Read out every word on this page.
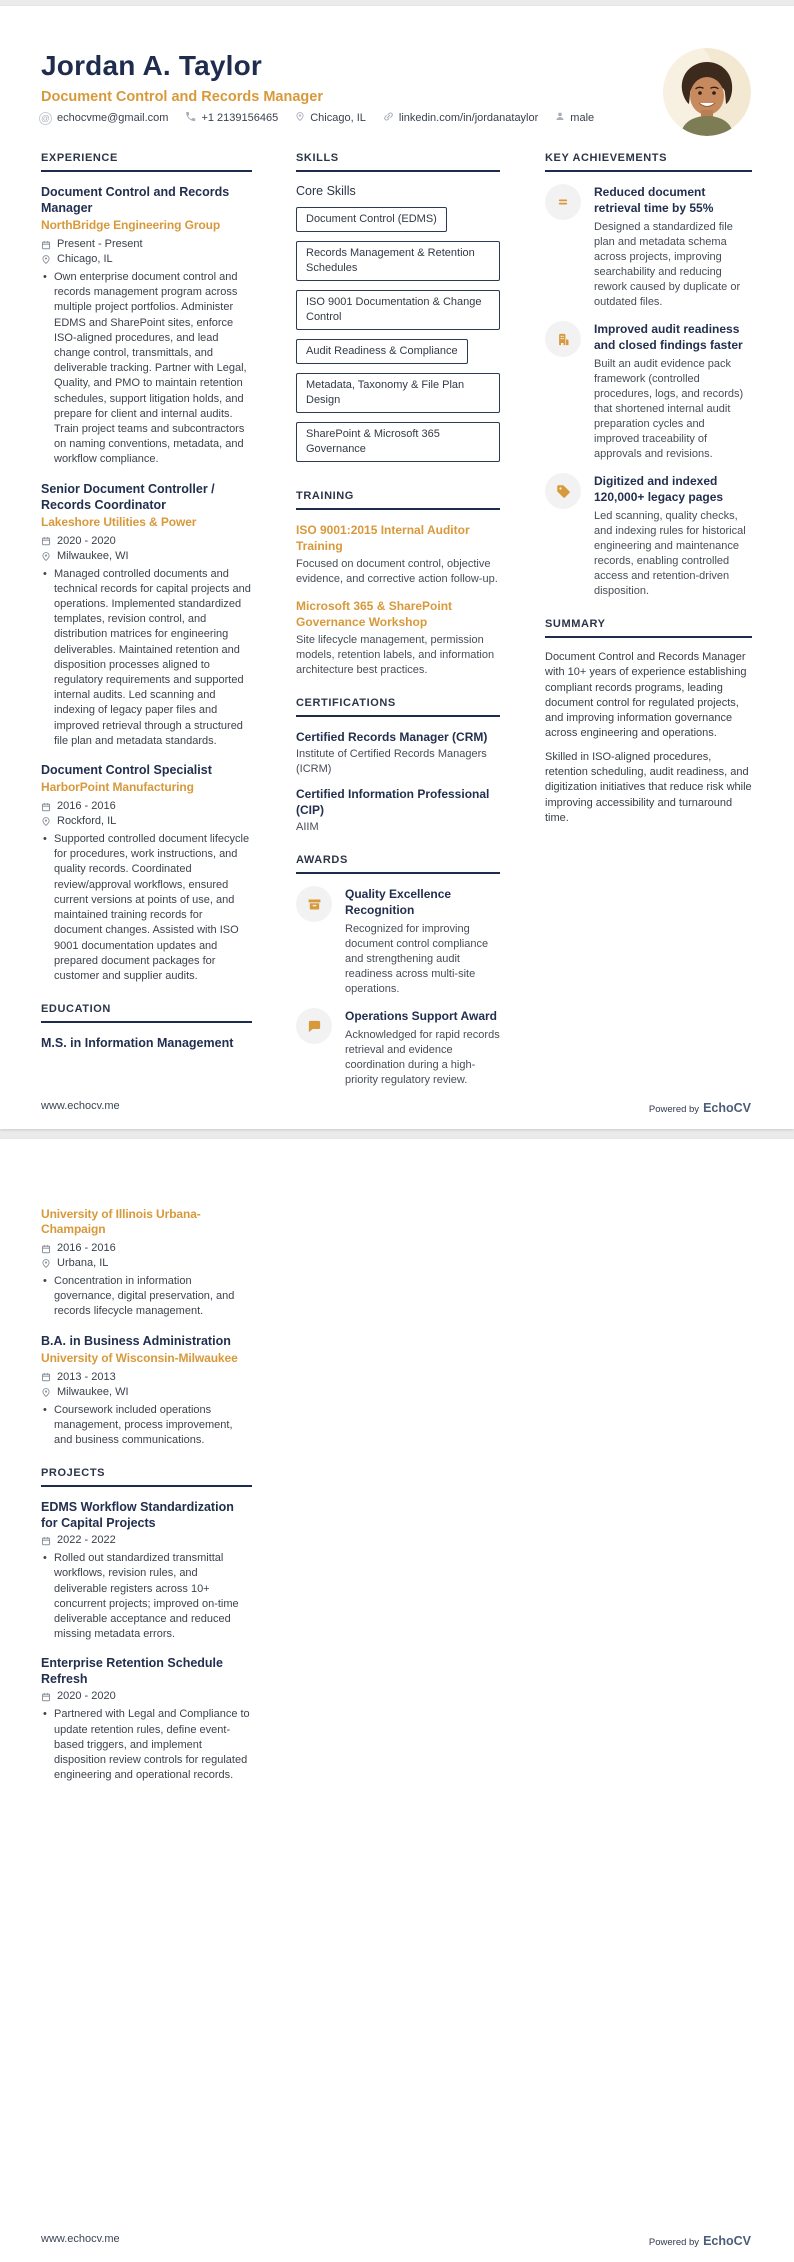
Jordan A. Taylor
Document Control and Records Manager
@ echocvme@gmail.com	+1 2139156465	Chicago, IL	linkedin.com/in/jordanataylor	male
EXPERIENCE
Document Control and Records Manager
NorthBridge Engineering Group
Present - Present
Chicago, IL
• Own enterprise document control and records management program across multiple project portfolios. Administer EDMS and SharePoint sites, enforce ISO-aligned procedures, and lead change control, transmittals, and deliverable tracking. Partner with Legal, Quality, and PMO to maintain retention schedules, support litigation holds, and prepare for client and internal audits. Train project teams and subcontractors on naming conventions, metadata, and workflow compliance.
Senior Document Controller / Records Coordinator
Lakeshore Utilities & Power
2020 - 2020
Milwaukee, WI
• Managed controlled documents and technical records for capital projects and operations. Implemented standardized templates, revision control, and distribution matrices for engineering deliverables. Maintained retention and disposition processes aligned to regulatory requirements and supported internal audits. Led scanning and indexing of legacy paper files and improved retrieval through a structured file plan and metadata standards.
Document Control Specialist
HarborPoint Manufacturing
2016 - 2016
Rockford, IL
• Supported controlled document lifecycle for procedures, work instructions, and quality records. Coordinated review/approval workflows, ensured current versions at points of use, and maintained training records for document changes. Assisted with ISO 9001 documentation updates and prepared document packages for customer and supplier audits.
EDUCATION
M.S. in Information Management
SKILLS
Core Skills
Document Control (EDMS)
Records Management & Retention Schedules
ISO 9001 Documentation & Change Control
Audit Readiness & Compliance
Metadata, Taxonomy & File Plan Design
SharePoint & Microsoft 365 Governance
TRAINING
ISO 9001:2015 Internal Auditor Training
Focused on document control, objective evidence, and corrective action follow-up.
Microsoft 365 & SharePoint Governance Workshop
Site lifecycle management, permission models, retention labels, and information architecture best practices.
CERTIFICATIONS
Certified Records Manager (CRM)
Institute of Certified Records Managers (ICRM)
Certified Information Professional (CIP)
AIIM
AWARDS
Quality Excellence Recognition
Recognized for improving document control compliance and strengthening audit readiness across multi-site operations.
Operations Support Award
Acknowledged for rapid records retrieval and evidence coordination during a high-priority regulatory review.
KEY ACHIEVEMENTS
Reduced document retrieval time by 55%
Designed a standardized file plan and metadata schema across projects, improving searchability and reducing rework caused by duplicate or outdated files.
Improved audit readiness and closed findings faster
Built an audit evidence pack framework (controlled procedures, logs, and records) that shortened internal audit preparation cycles and improved traceability of approvals and revisions.
Digitized and indexed 120,000+ legacy pages
Led scanning, quality checks, and indexing rules for historical engineering and maintenance records, enabling controlled access and retention-driven disposition.
SUMMARY

Document Control and Records Manager with 10+ years of experience establishing compliant records programs, leading document control for regulated projects, and improving information governance across engineering and operations.

Skilled in ISO-aligned procedures, retention scheduling, audit readiness, and digitization initiatives that reduce risk while improving accessibility and turnaround time.

www.echocv.me	Powered by EchoCV
University of Illinois Urbana-Champaign
2016 - 2016
Urbana, IL
• Concentration in information governance, digital preservation, and records lifecycle management.
B.A. in Business Administration
University of Wisconsin-Milwaukee
2013 - 2013
Milwaukee, WI
• Coursework included operations management, process improvement, and business communications.
PROJECTS
EDMS Workflow Standardization for Capital Projects
2022 - 2022
• Rolled out standardized transmittal workflows, revision rules, and deliverable registers across 10+ concurrent projects; improved on-time deliverable acceptance and reduced missing metadata errors.
Enterprise Retention Schedule Refresh
2020 - 2020
• Partnered with Legal and Compliance to update retention rules, define event-based triggers, and implement disposition review controls for regulated engineering and operational records.
www.echocv.me	Powered by EchoCV
